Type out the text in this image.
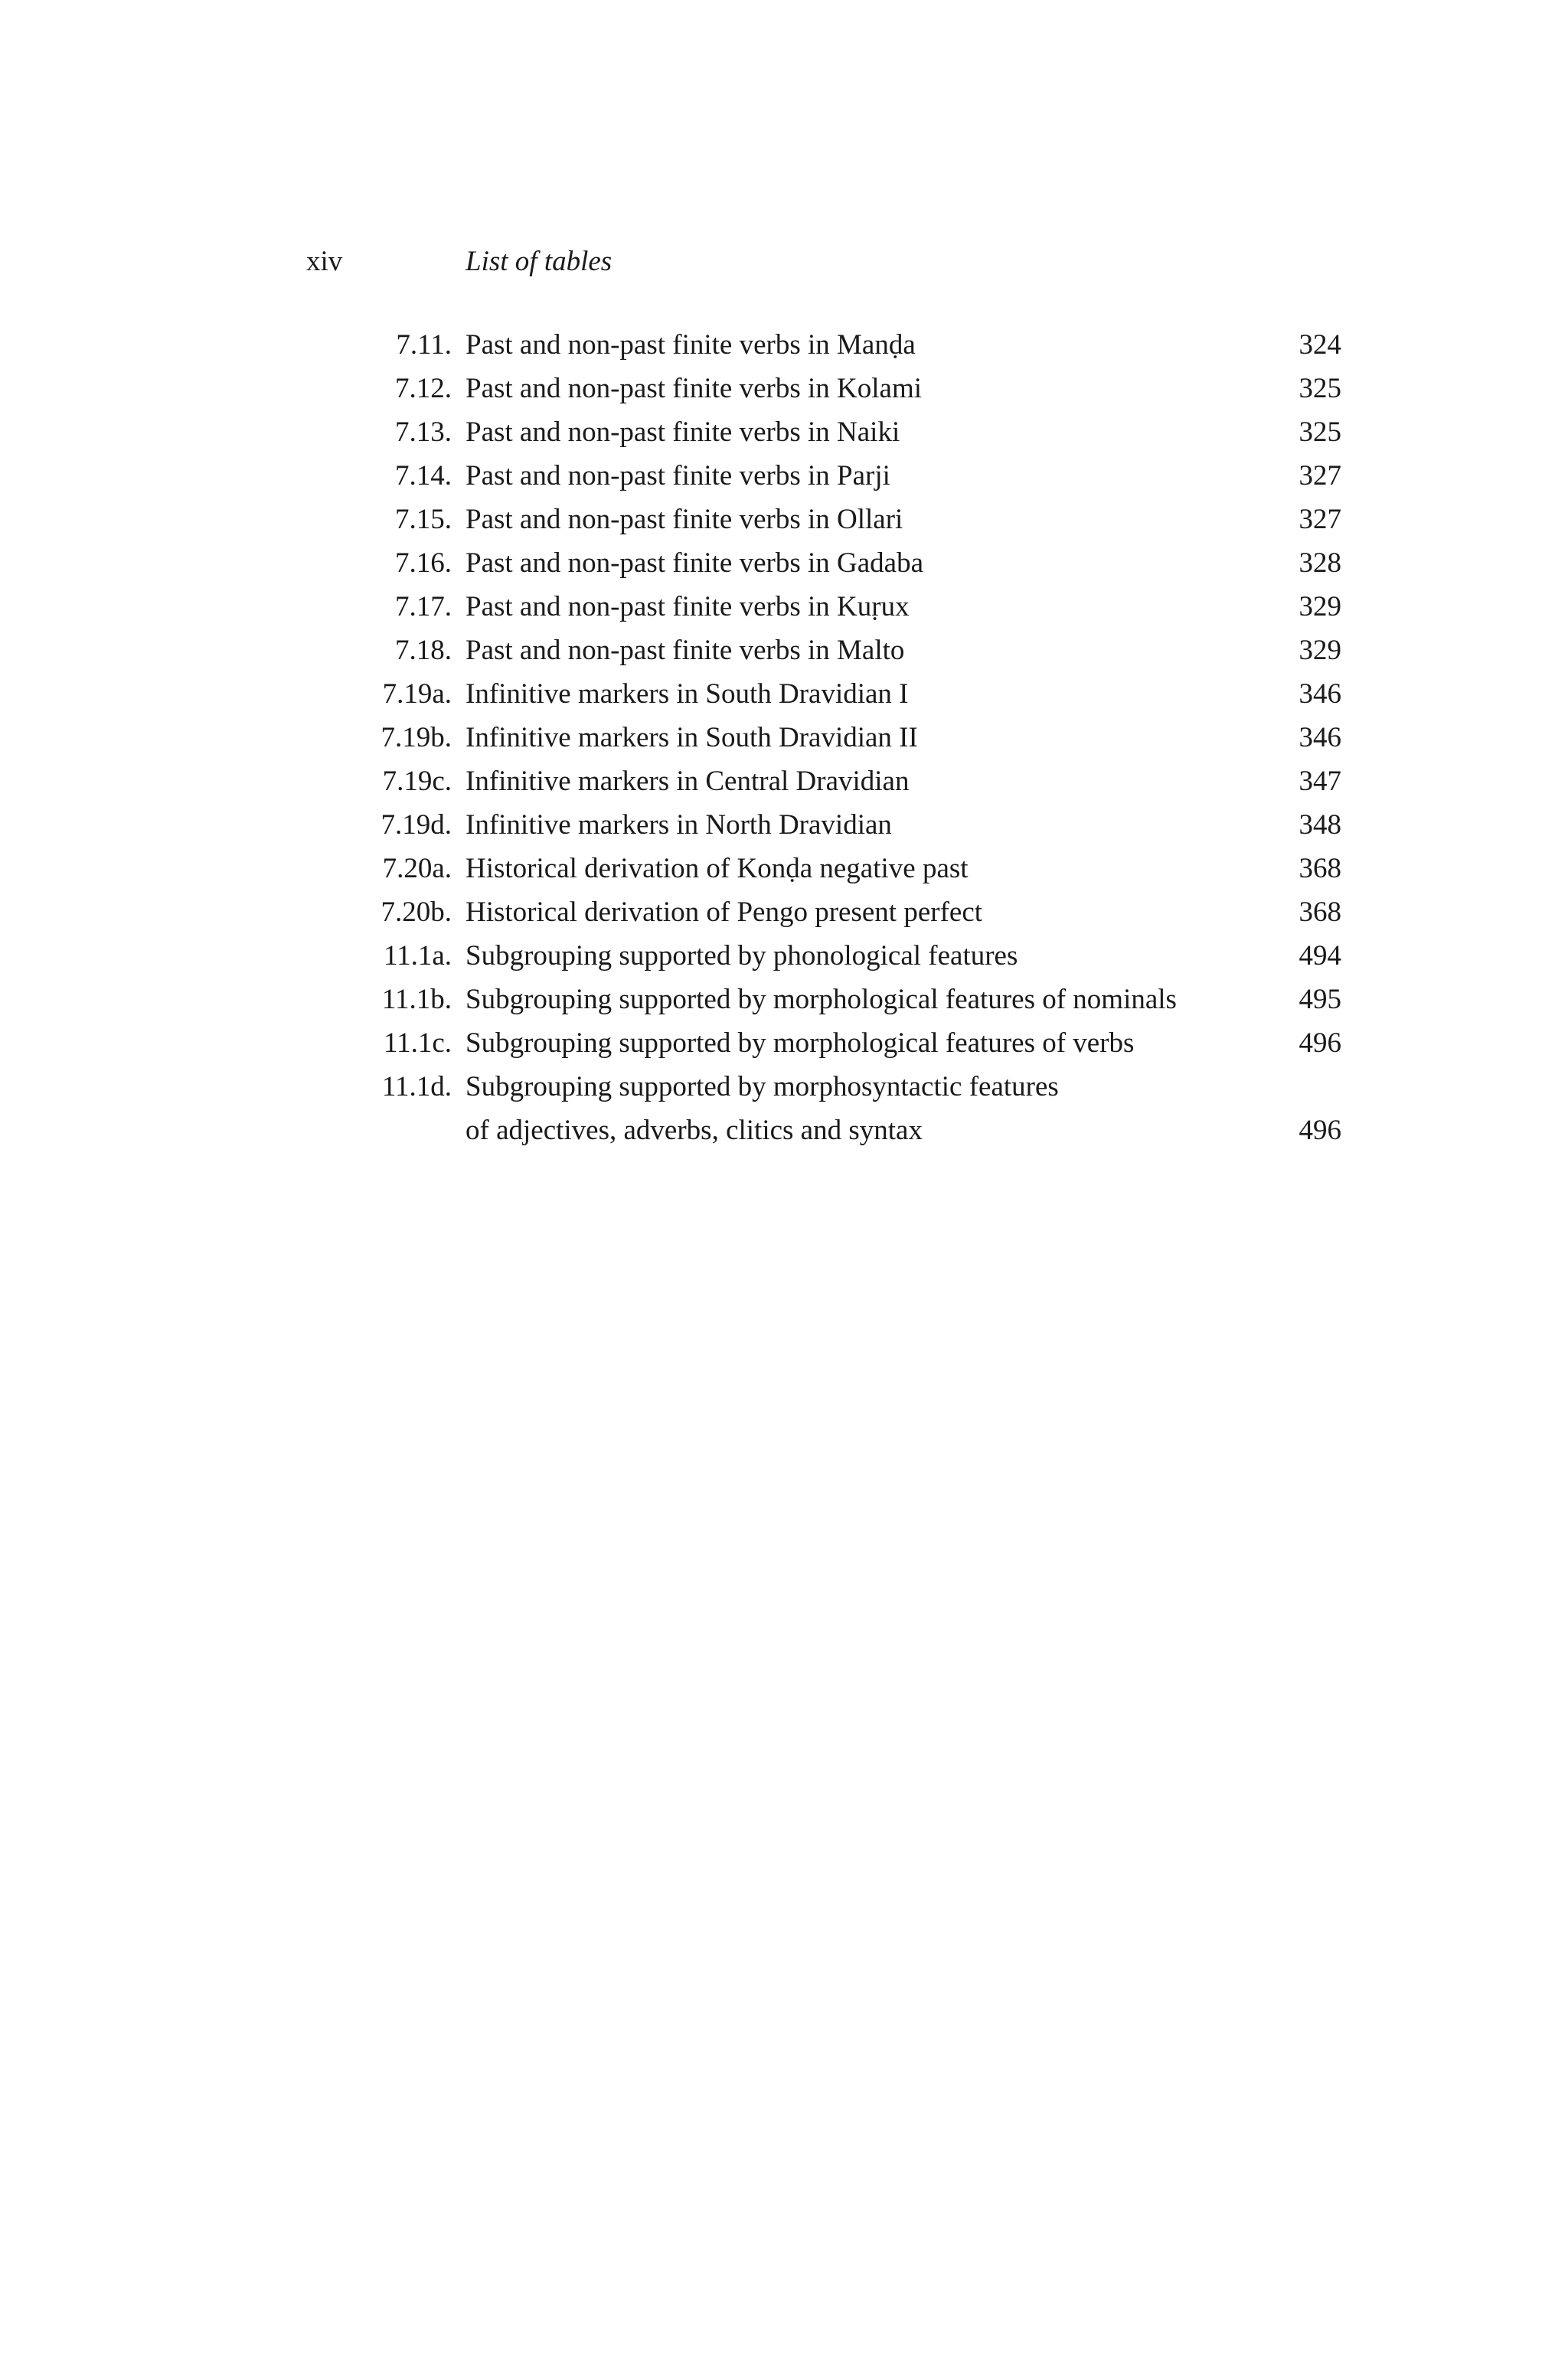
xiv	List of tables
7.11. Past and non-past finite verbs in Manḍa	324
7.12. Past and non-past finite verbs in Kolami	325
7.13. Past and non-past finite verbs in Naiki	325
7.14. Past and non-past finite verbs in Parji	327
7.15. Past and non-past finite verbs in Ollari	327
7.16. Past and non-past finite verbs in Gadaba	328
7.17. Past and non-past finite verbs in Kuṛux	329
7.18. Past and non-past finite verbs in Malto	329
7.19a. Infinitive markers in South Dravidian I	346
7.19b. Infinitive markers in South Dravidian II	346
7.19c. Infinitive markers in Central Dravidian	347
7.19d. Infinitive markers in North Dravidian	348
7.20a. Historical derivation of Konḍa negative past	368
7.20b. Historical derivation of Pengo present perfect	368
11.1a. Subgrouping supported by phonological features	494
11.1b. Subgrouping supported by morphological features of nominals	495
11.1c. Subgrouping supported by morphological features of verbs	496
11.1d. Subgrouping supported by morphosyntactic features
of adjectives, adverbs, clitics and syntax	496
